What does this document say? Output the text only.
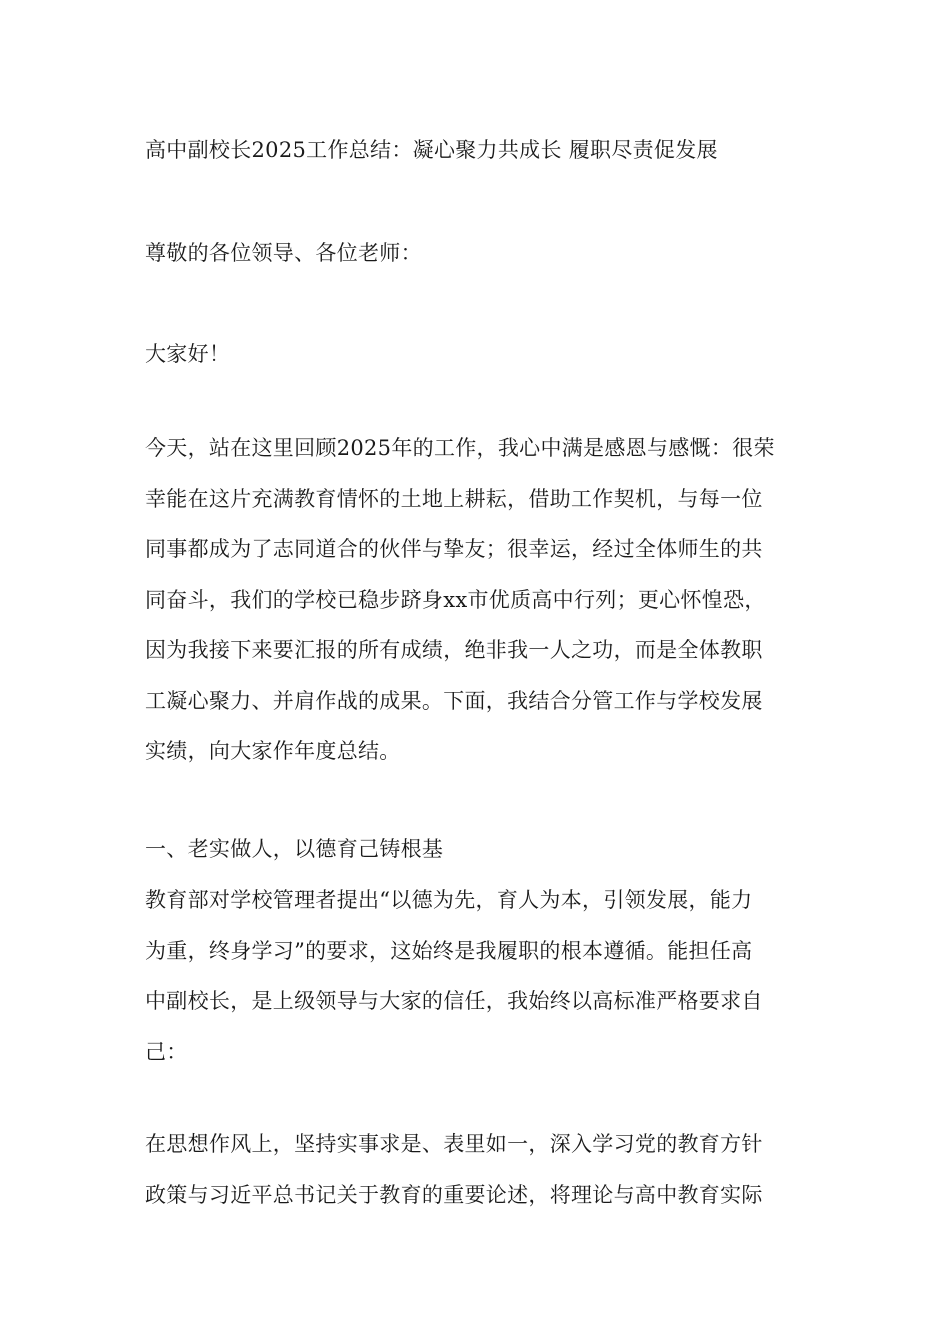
高中副校长2025工作总结：凝心聚力共成长 履职尽责促发展

尊敬的各位领导、各位老师：

大家好！

今天，站在这里回顾2025年的工作，我心中满是感恩与感慨：很荣
幸能在这片充满教育情怀的土地上耕耘，借助工作契机，与每一位
同事都成为了志同道合的伙伴与挚友；很幸运，经过全体师生的共
同奋斗，我们的学校已稳步跻身xx市优质高中行列；更心怀惶恐，
因为我接下来要汇报的所有成绩，绝非我一人之功，而是全体教职
工凝心聚力、并肩作战的成果。下面，我结合分管工作与学校发展
实绩，向大家作年度总结。

一、老实做人，以德育己铸根基

教育部对学校管理者提出“以德为先，育人为本，引领发展，能力
为重，终身学习”的要求，这始终是我履职的根本遵循。能担任高
中副校长，是上级领导与大家的信任，我始终以高标准严格要求自
己：

在思想作风上，坚持实事求是、表里如一，深入学习党的教育方针
政策与习近平总书记关于教育的重要论述，将理论与高中教育实际
